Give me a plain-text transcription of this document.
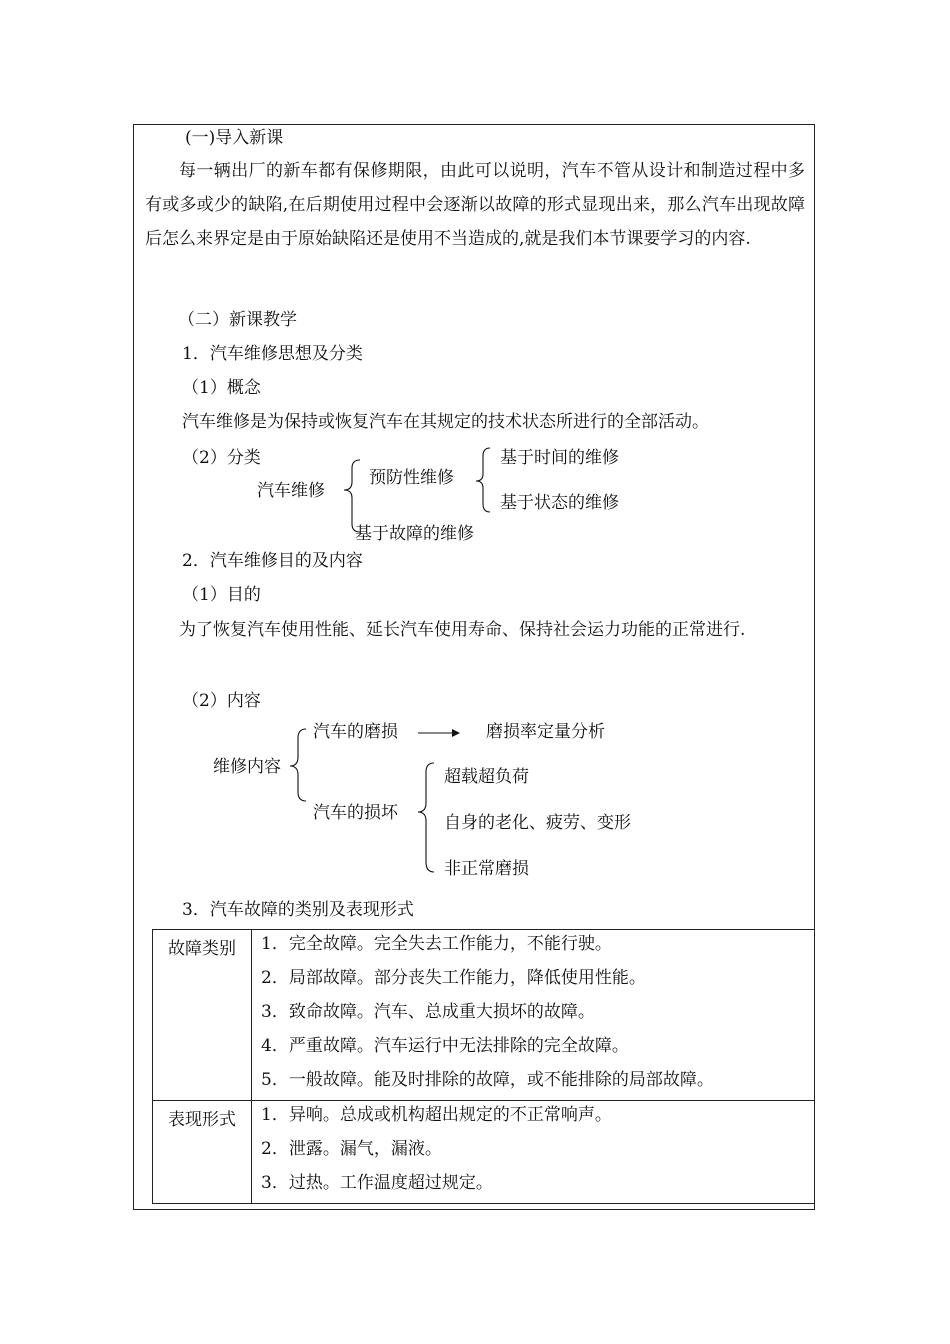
(一)导入新课
每一辆出厂的新车都有保修期限，由此可以说明，汽车不管从设计和制造过程中多有或多或少的缺陷,在后期使用过程中会逐渐以故障的形式显现出来，那么汽车出现故障后怎么来界定是由于原始缺陷还是使用不当造成的,就是我们本节课要学习的内容.
（二）新课教学
1．汽车维修思想及分类
（1）概念
汽车维修是为保持或恢复汽车在其规定的技术状态所进行的全部活动。
（2）分类
汽车维修
预防性维修
基于时间的维修
基于状态的维修
基于故障的维修
2．汽车维修目的及内容
（1）目的
为了恢复汽车使用性能、延长汽车使用寿命、保持社会运力功能的正常进行.
（2）内容
维修内容
汽车的磨损	磨损率定量分析
汽车的损坏
超载超负荷
自身的老化、疲劳、变形
非正常磨损
3．汽车故障的类别及表现形式
故障类别	1．完全故障。完全失去工作能力，不能行驶。
2．局部故障。部分丧失工作能力，降低使用性能。
3．致命故障。汽车、总成重大损坏的故障。
4．严重故障。汽车运行中无法排除的完全故障。
5．一般故障。能及时排除的故障，或不能排除的局部故障。

表现形式	1．异响。总成或机构超出规定的不正常响声。
2．泄露。漏气，漏液。
3．过热。工作温度超过规定。
